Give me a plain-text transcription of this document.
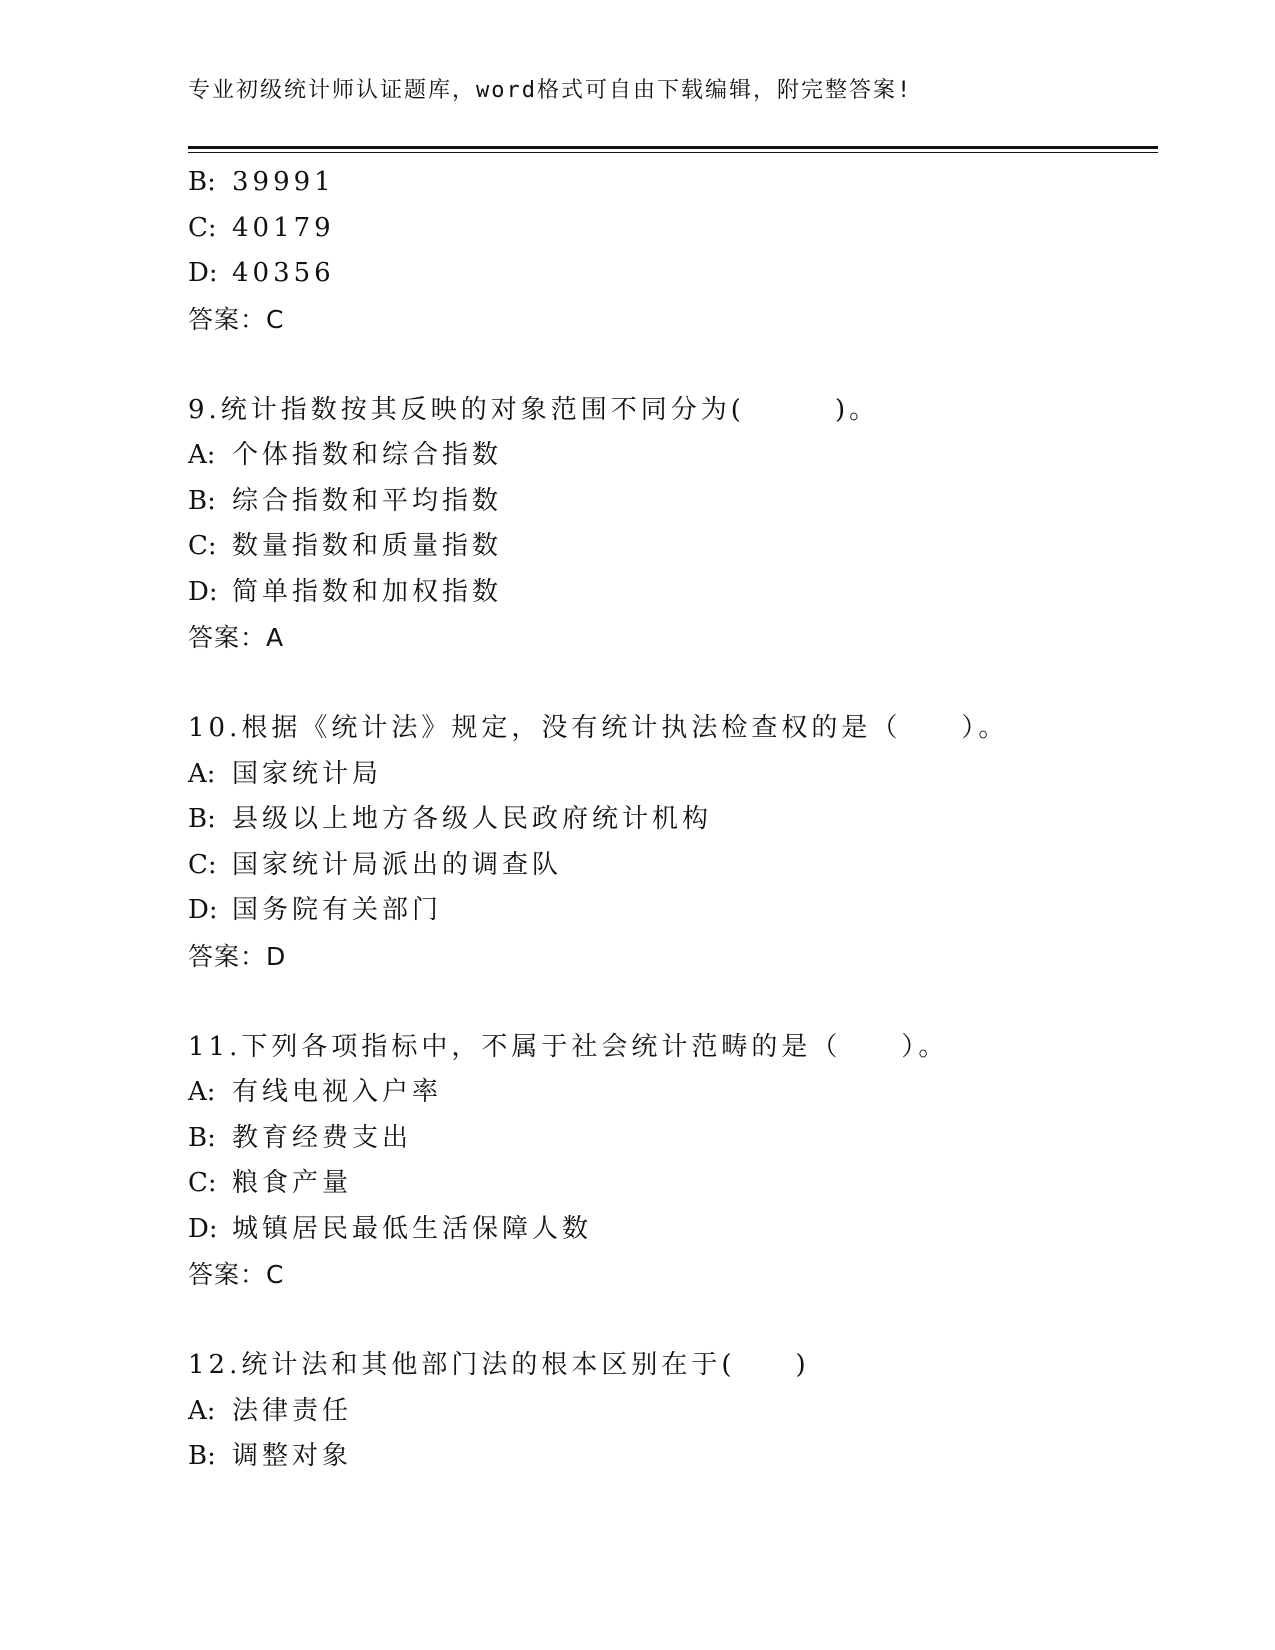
专业初级统计师认证题库，word格式可自由下载编辑，附完整答案!
B: 39991
C: 40179
D: 40356
答案：C
9.统计指数按其反映的对象范围不同分为(　　　)。
A: 个体指数和综合指数
B: 综合指数和平均指数
C: 数量指数和质量指数
D: 简单指数和加权指数
答案：A
10.根据《统计法》规定，没有统计执法检查权的是（　　）。
A: 国家统计局
B: 县级以上地方各级人民政府统计机构
C: 国家统计局派出的调查队
D: 国务院有关部门
答案：D
11.下列各项指标中，不属于社会统计范畴的是（　　）。
A: 有线电视入户率
B: 教育经费支出
C: 粮食产量
D: 城镇居民最低生活保障人数
答案：C
12.统计法和其他部门法的根本区别在于(　　)
A: 法律责任
B: 调整对象
